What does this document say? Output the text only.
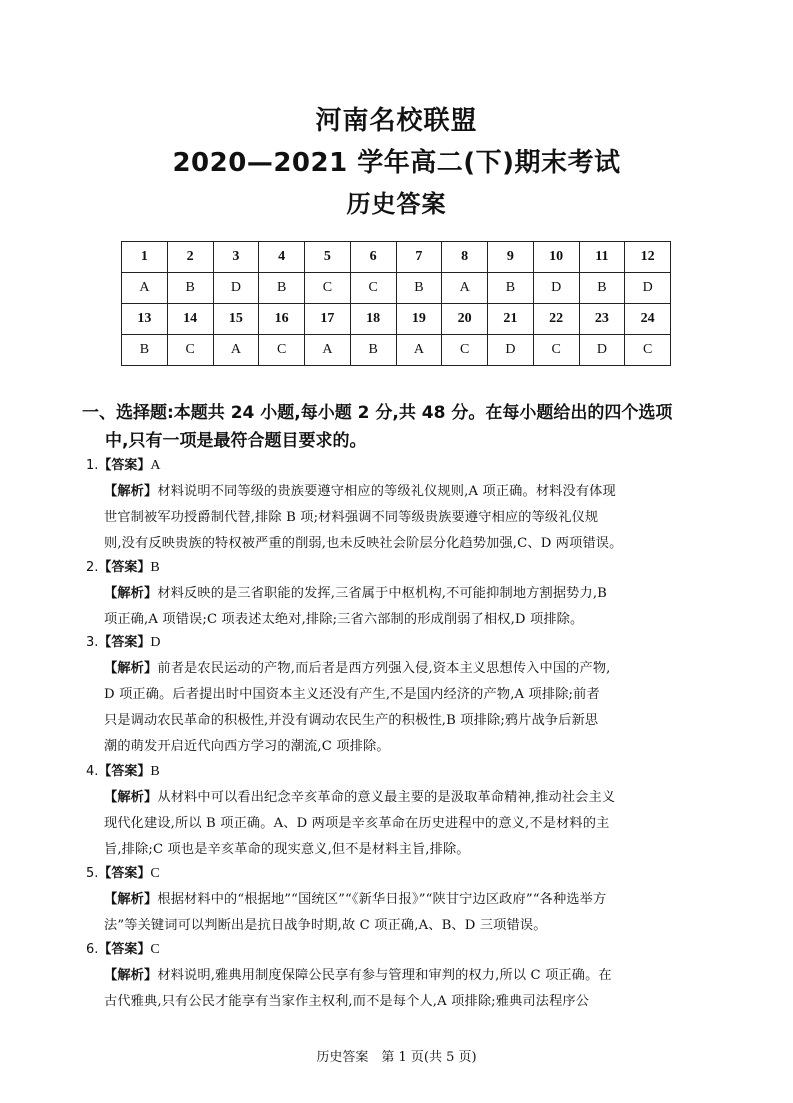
河南名校联盟
2020—2021 学年高二(下)期末考试
历史答案
1	2	3	4	5	6	7	8	9	10	11	12
A	B	D	B	C	C	B	A	B	D	B	D
13	14	15	16	17	18	19	20	21	22	23	24
B	C	A	C	A	B	A	C	D	C	D	C
一、选择题:本题共 24 小题,每小题 2 分,共 48 分。在每小题给出的四个选项
中,只有一项是最符合题目要求的。
1.【答案】A
【解析】材料说明不同等级的贵族要遵守相应的等级礼仪规则,A 项正确。材料没有体现
世官制被军功授爵制代替,排除 B 项;材料强调不同等级贵族要遵守相应的等级礼仪规
则,没有反映贵族的特权被严重的削弱,也未反映社会阶层分化趋势加强,C、D 两项错误。
2.【答案】B
【解析】材料反映的是三省职能的发挥,三省属于中枢机构,不可能抑制地方割据势力,B
项正确,A 项错误;C 项表述太绝对,排除;三省六部制的形成削弱了相权,D 项排除。
3.【答案】D
【解析】前者是农民运动的产物,而后者是西方列强入侵,资本主义思想传入中国的产物,
D 项正确。后者提出时中国资本主义还没有产生,不是国内经济的产物,A 项排除;前者
只是调动农民革命的积极性,并没有调动农民生产的积极性,B 项排除;鸦片战争后新思
潮的萌发开启近代向西方学习的潮流,C 项排除。
4.【答案】B
【解析】从材料中可以看出纪念辛亥革命的意义最主要的是汲取革命精神,推动社会主义
现代化建设,所以 B 项正确。A、D 两项是辛亥革命在历史进程中的意义,不是材料的主
旨,排除;C 项也是辛亥革命的现实意义,但不是材料主旨,排除。
5.【答案】C
【解析】根据材料中的“根据地”“国统区”“《新华日报》”“陕甘宁边区政府”“各种选举方
法”等关键词可以判断出是抗日战争时期,故 C 项正确,A、B、D 三项错误。
6.【答案】C
【解析】材料说明,雅典用制度保障公民享有参与管理和审判的权力,所以 C 项正确。在
古代雅典,只有公民才能享有当家作主权利,而不是每个人,A 项排除;雅典司法程序公
历史答案　第 1 页(共 5 页)
